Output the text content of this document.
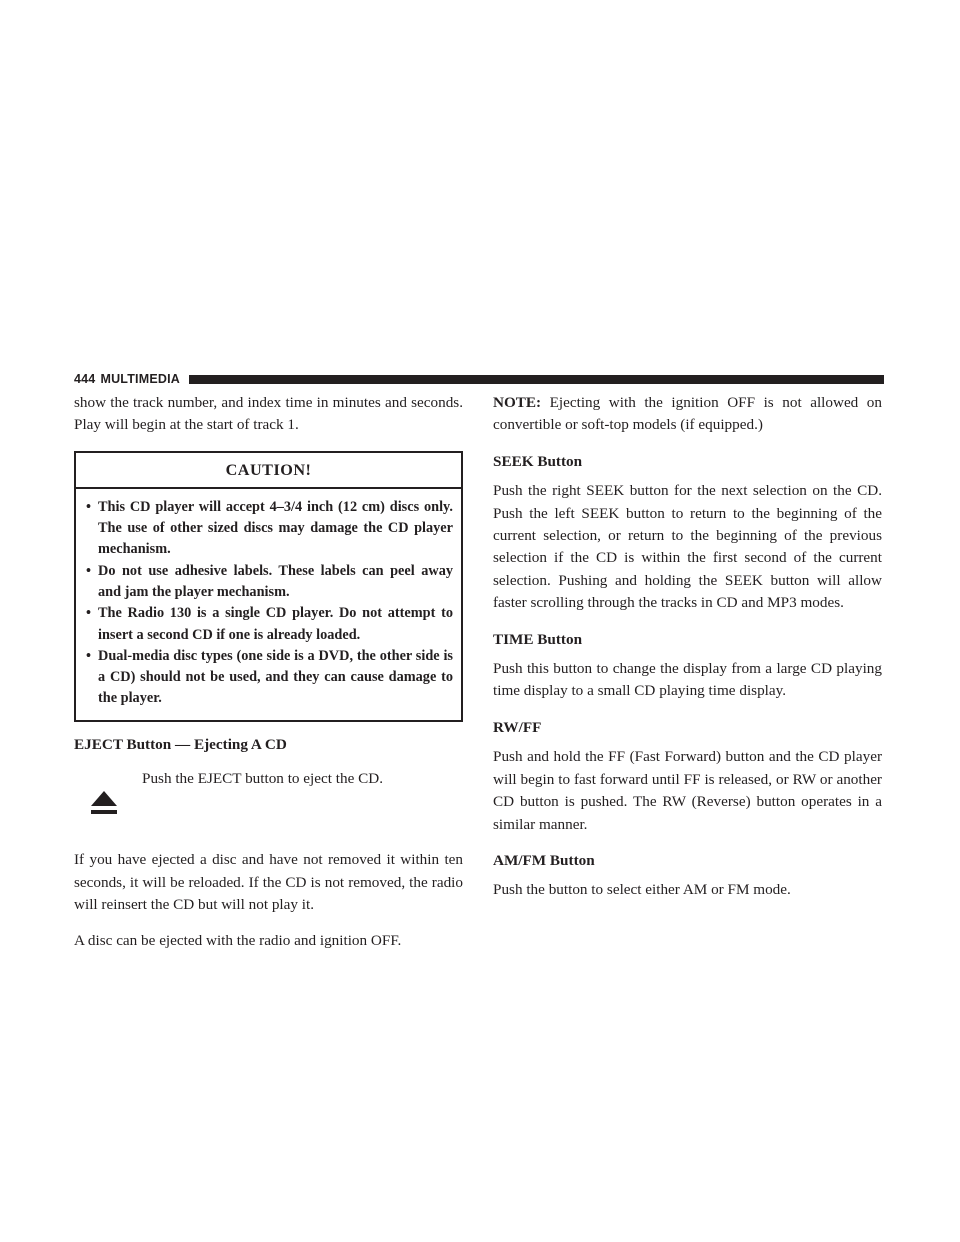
444 MULTIMEDIA

show the track number, and index time in minutes and seconds. Play will begin at the start of track 1.

CAUTION!
• This CD player will accept 4–3/4 inch (12 cm) discs only. The use of other sized discs may damage the CD player mechanism.
• Do not use adhesive labels. These labels can peel away and jam the player mechanism.
• The Radio 130 is a single CD player. Do not attempt to insert a second CD if one is already loaded.
• Dual-media disc types (one side is a DVD, the other side is a CD) should not be used, and they can cause damage to the player.
EJECT Button — Ejecting A CD

Push the EJECT button to eject the CD.

If you have ejected a disc and have not removed it within ten seconds, it will be reloaded. If the CD is not removed, the radio will reinsert the CD but will not play it.

A disc can be ejected with the radio and ignition OFF.

NOTE: Ejecting with the ignition OFF is not allowed on convertible or soft-top models (if equipped.)

SEEK Button

Push the right SEEK button for the next selection on the CD. Push the left SEEK button to return to the beginning of the current selection, or return to the beginning of the previous selection if the CD is within the first second of the current selection. Pushing and holding the SEEK button will allow faster scrolling through the tracks in CD and MP3 modes.

TIME Button

Push this button to change the display from a large CD playing time display to a small CD playing time display.

RW/FF

Push and hold the FF (Fast Forward) button and the CD player will begin to fast forward until FF is released, or RW or another CD button is pushed. The RW (Reverse) button operates in a similar manner.

AM/FM Button

Push the button to select either AM or FM mode.
